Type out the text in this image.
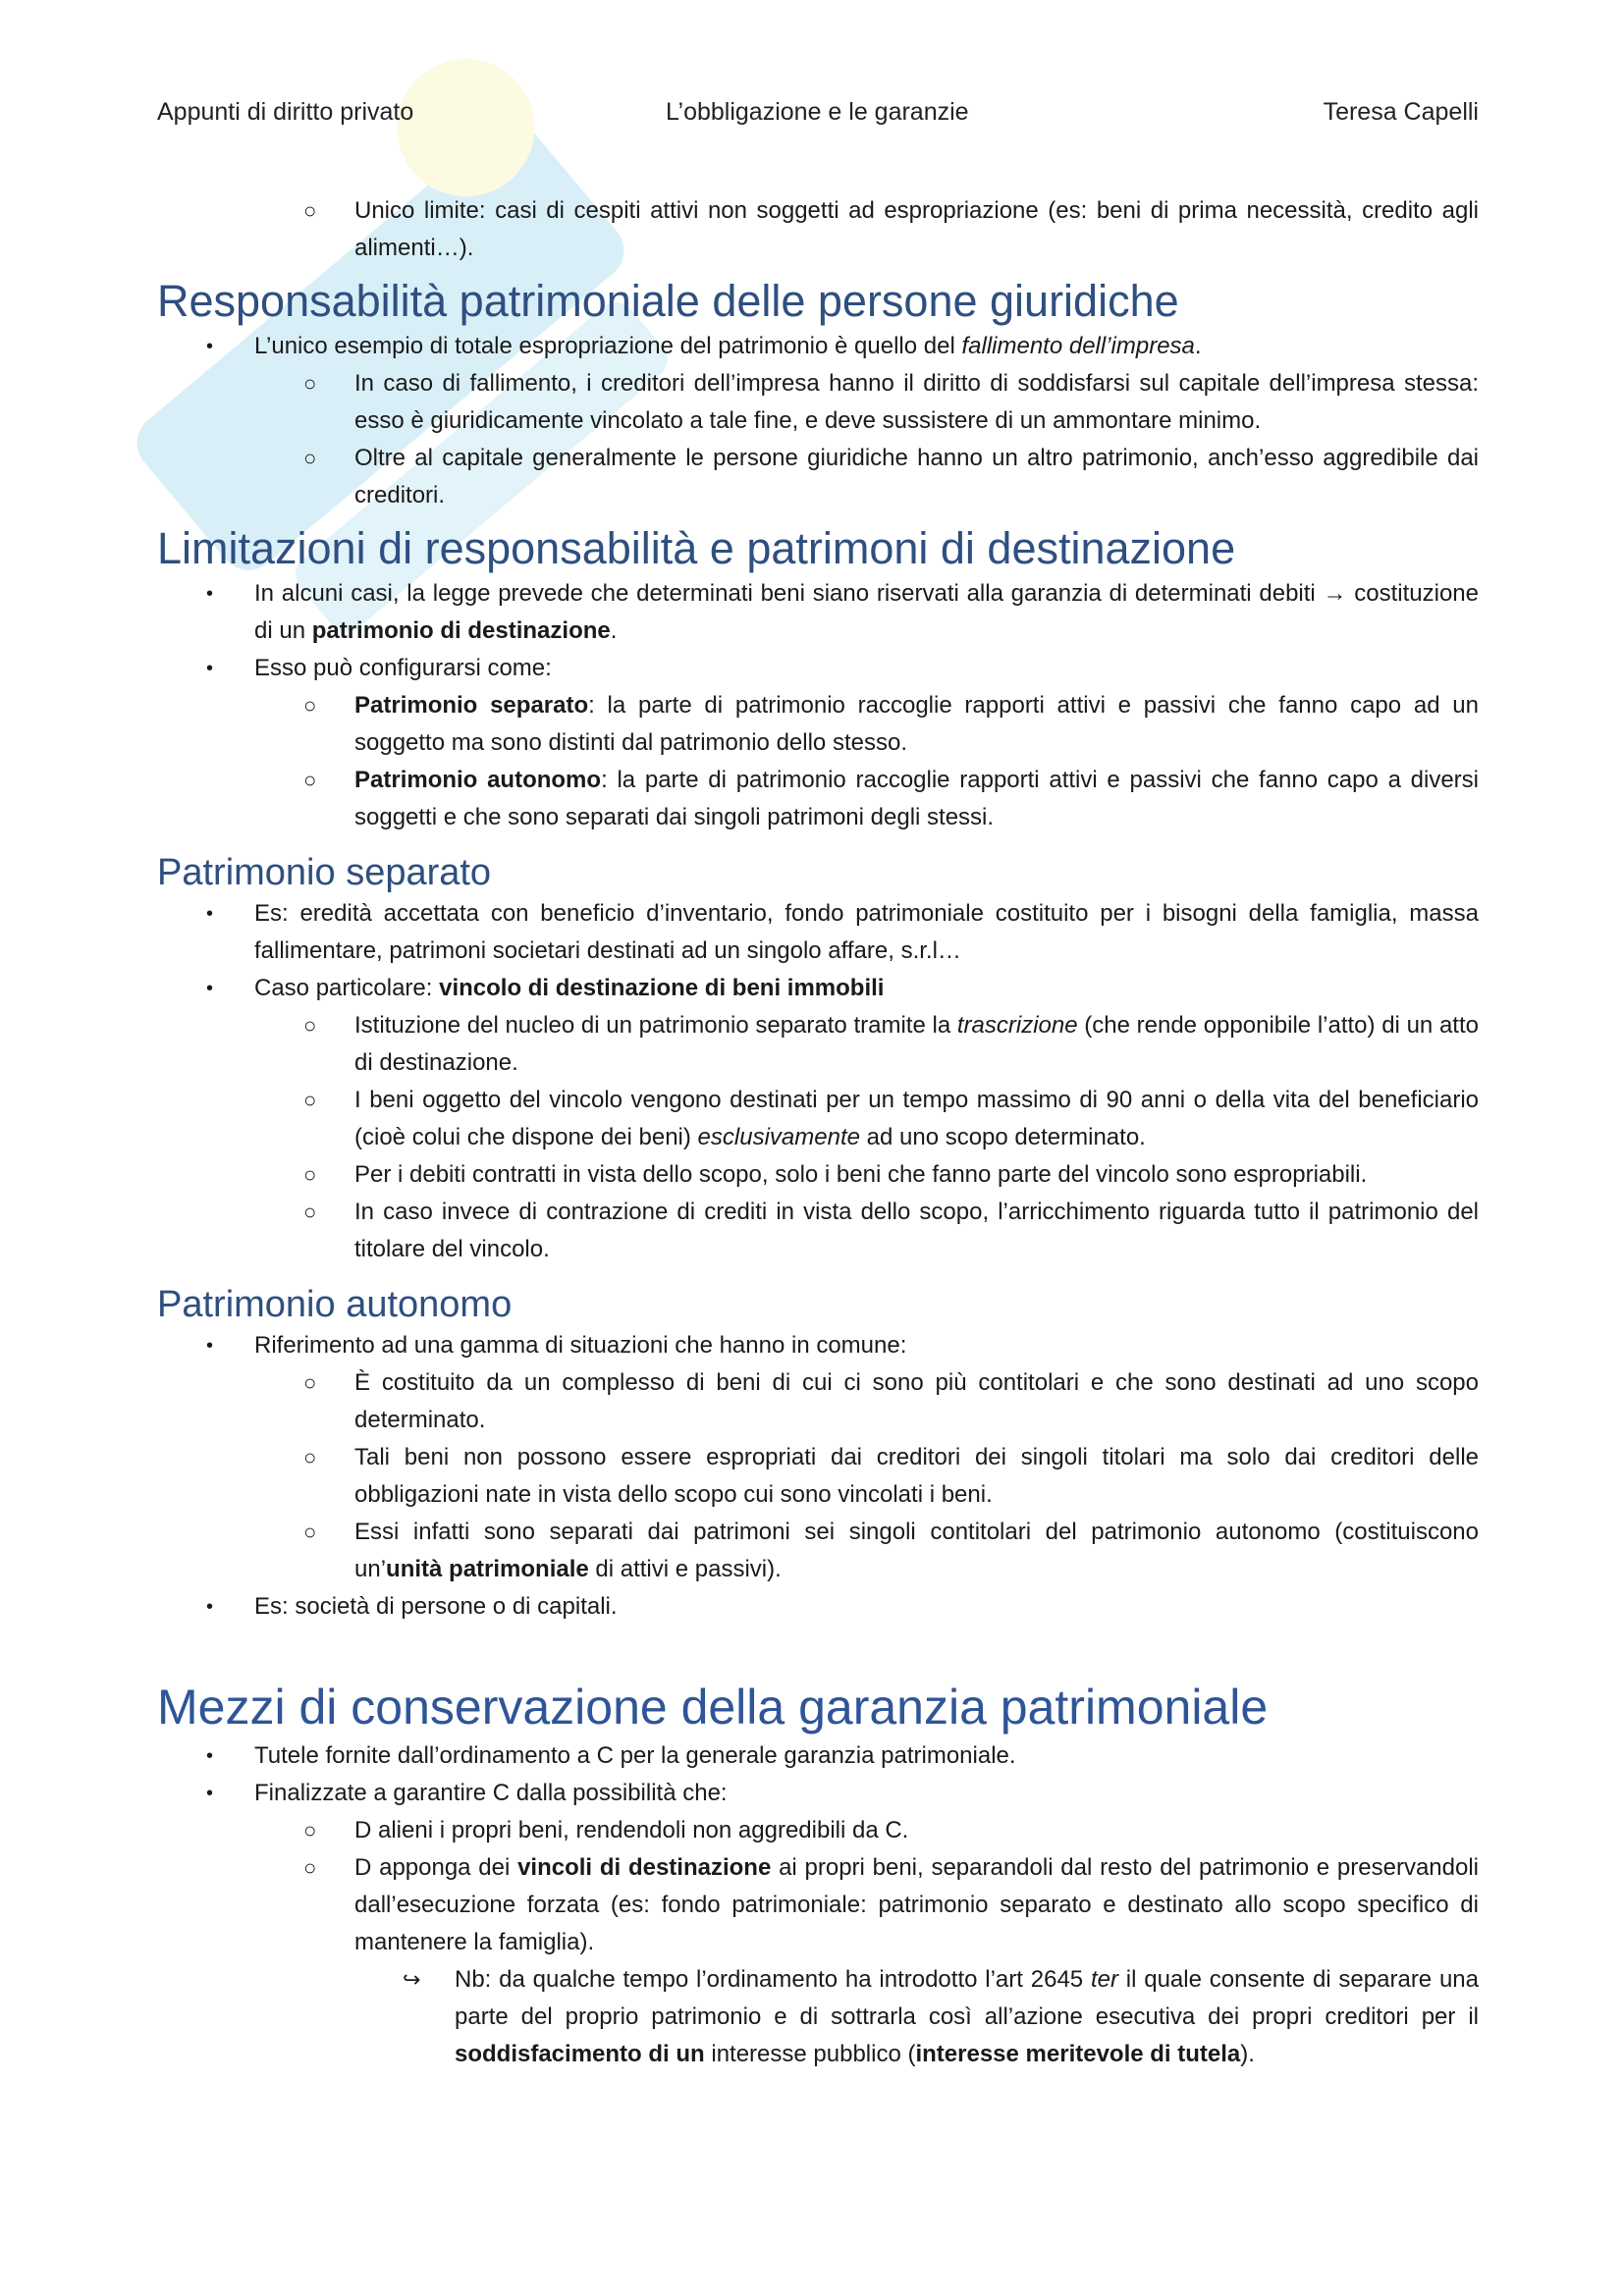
Appunti di diritto privato	L’obbligazione e le garanzie	Teresa Capelli

○ Unico limite: casi di cespiti attivi non soggetti ad espropriazione (es: beni di prima necessità, credito agli alimenti…).

Responsabilità patrimoniale delle persone giuridiche

• L’unico esempio di totale espropriazione del patrimonio è quello del fallimento dell’impresa.

○ In caso di fallimento, i creditori dell’impresa hanno il diritto di soddisfarsi sul capitale dell’impresa stessa: esso è giuridicamente vincolato a tale fine, e deve sussistere di un ammontare minimo.

○ Oltre al capitale generalmente le persone giuridiche hanno un altro patrimonio, anch’esso aggredibile dai creditori.

Limitazioni di responsabilità e patrimoni di destinazione

• In alcuni casi, la legge prevede che determinati beni siano riservati alla garanzia di determinati debiti → costituzione di un patrimonio di destinazione.

• Esso può configurarsi come:

○ Patrimonio separato: la parte di patrimonio raccoglie rapporti attivi e passivi che fanno capo ad un soggetto ma sono distinti dal patrimonio dello stesso.

○ Patrimonio autonomo: la parte di patrimonio raccoglie rapporti attivi e passivi che fanno capo a diversi soggetti e che sono separati dai singoli patrimoni degli stessi.

Patrimonio separato

• Es: eredità accettata con beneficio d’inventario, fondo patrimoniale costituito per i bisogni della famiglia, massa fallimentare, patrimoni societari destinati ad un singolo affare, s.r.l…

• Caso particolare: vincolo di destinazione di beni immobili

○ Istituzione del nucleo di un patrimonio separato tramite la trascrizione (che rende opponibile l’atto) di un atto di destinazione.

○ I beni oggetto del vincolo vengono destinati per un tempo massimo di 90 anni o della vita del beneficiario (cioè colui che dispone dei beni) esclusivamente ad uno scopo determinato.

○ Per i debiti contratti in vista dello scopo, solo i beni che fanno parte del vincolo sono espropriabili.

○ In caso invece di contrazione di crediti in vista dello scopo, l’arricchimento riguarda tutto il patrimonio del titolare del vincolo.

Patrimonio autonomo

• Riferimento ad una gamma di situazioni che hanno in comune:

○ È costituito da un complesso di beni di cui ci sono più contitolari e che sono destinati ad uno scopo determinato.

○ Tali beni non possono essere espropriati dai creditori dei singoli titolari ma solo dai creditori delle obbligazioni nate in vista dello scopo cui sono vincolati i beni.

○ Essi infatti sono separati dai patrimoni sei singoli contitolari del patrimonio autonomo (costituiscono un’unità patrimoniale di attivi e passivi).

• Es: società di persone o di capitali.

Mezzi di conservazione della garanzia patrimoniale

• Tutele fornite dall’ordinamento a C per la generale garanzia patrimoniale.

• Finalizzate a garantire C dalla possibilità che:

○ D alieni i propri beni, rendendoli non aggredibili da C.

○ D apponga dei vincoli di destinazione ai propri beni, separandoli dal resto del patrimonio e preservandoli dall’esecuzione forzata (es: fondo patrimoniale: patrimonio separato e destinato allo scopo specifico di mantenere la famiglia).

↪ Nb: da qualche tempo l’ordinamento ha introdotto l’art 2645 ter il quale consente di separare una parte del proprio patrimonio e di sottrarla così all’azione esecutiva dei propri creditori per il soddisfacimento di un interesse pubblico (interesse meritevole di tutela).
